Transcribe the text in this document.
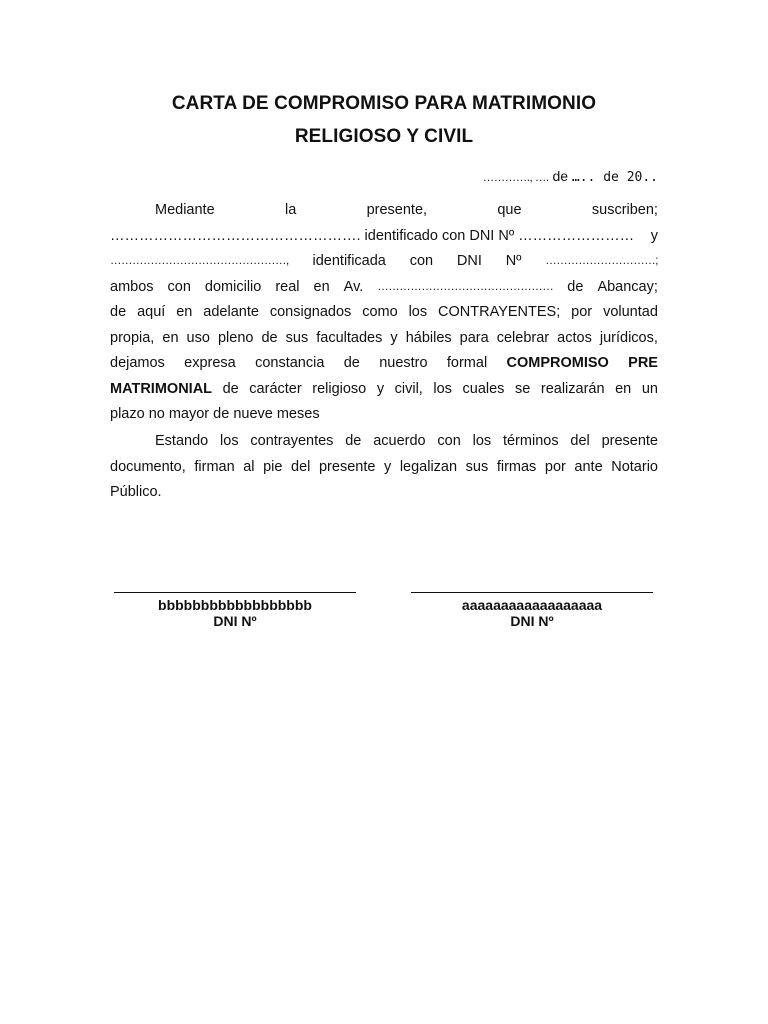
CARTA DE COMPROMISO PARA MATRIMONIO
RELIGIOSO Y CIVIL
…………., …. de ….. de 20..
Mediante	la	presente,	que	suscriben;
……………………………………………. identificado con DNI Nº …………………… y
…………………………………………, identificada con DNI Nº …………………………;
ambos con domicilio real en Av. ………………………………………… de Abancay;
de aquí en adelante consignados como los CONTRAYENTES; por voluntad
propia, en uso pleno de sus facultades y hábiles para celebrar actos jurídicos,
dejamos expresa constancia de nuestro formal COMPROMISO PRE
MATRIMONIAL de carácter religioso y civil, los cuales se realizarán en un
plazo no mayor de nueve meses
Estando los contrayentes de acuerdo con los términos del presente
documento, firman al pie del presente y legalizan sus firmas por ante Notario
Público.
bbbbbbbbbbbbbbbbbb
DNI Nº
aaaaaaaaaaaaaaaaaa
DNI Nº
